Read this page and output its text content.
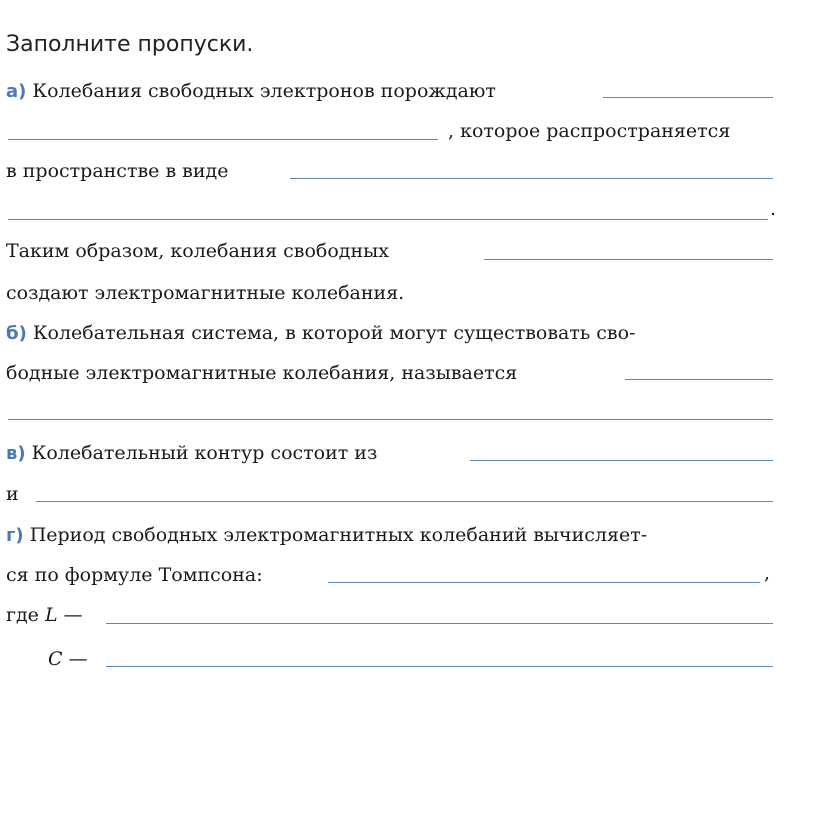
Заполните пропуски.
а) Колебания свободных электронов порождают
, которое распространяется
в пространстве в виде
.
Таким образом, колебания свободных
создают электромагнитные колебания.
б) Колебательная система, в которой могут существовать сво-
бодные электромагнитные колебания, называется
в) Колебательный контур состоит из
и
г) Период свободных электромагнитных колебаний вычисляет-
ся по формуле Томпсона:	,
где L —
C —
